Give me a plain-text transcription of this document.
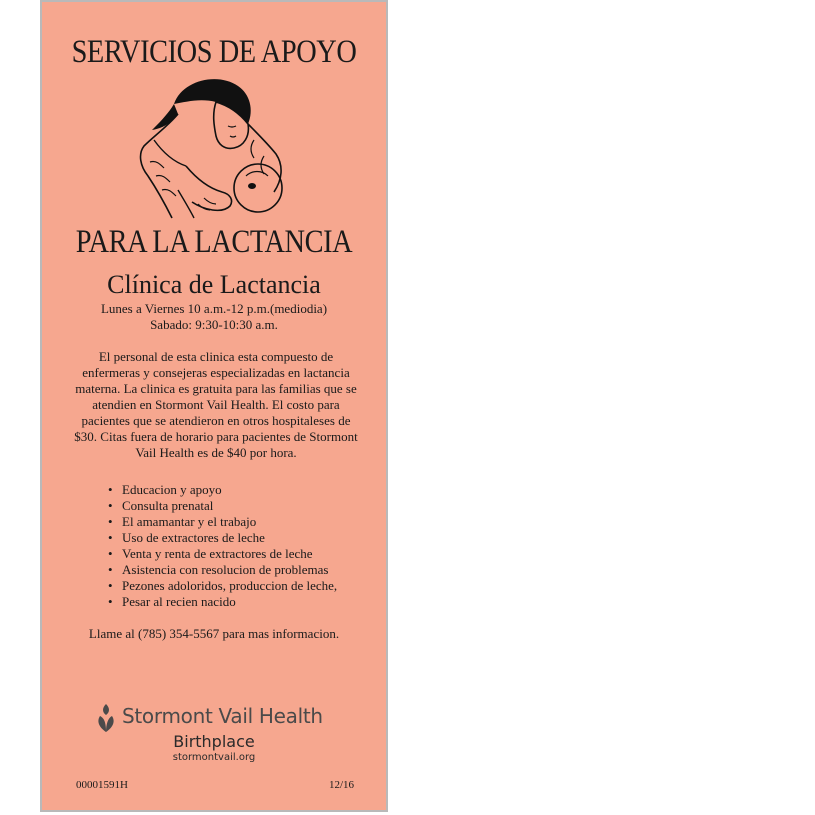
SERVICIOS DE APOYO
PARA LA LACTANCIA
Clínica de Lactancia
Lunes a Viernes 10 a.m.-12 p.m.(mediodia)
Sabado: 9:30-10:30 a.m.
El personal de esta clinica esta compuesto de enfermeras y consejeras especializadas en lactancia materna. La clinica es gratuita para las familias que se atendien en Stormont Vail Health. El costo para pacientes que se atendieron en otros hospitaleses de $30. Citas fuera de horario para pacientes de Stormont Vail Health es de $40 por hora.
• Educacion y apoyo
• Consulta prenatal
• El amamantar y el trabajo
• Uso de extractores de leche
• Venta y renta de extractores de leche
• Asistencia con resolucion de problemas
• Pezones adoloridos, produccion de leche,
• Pesar al recien nacido
Llame al (785) 354-5567 para mas informacion.
Stormont Vail Health
Birthplace
stormontvail.org
00001591H	12/16
